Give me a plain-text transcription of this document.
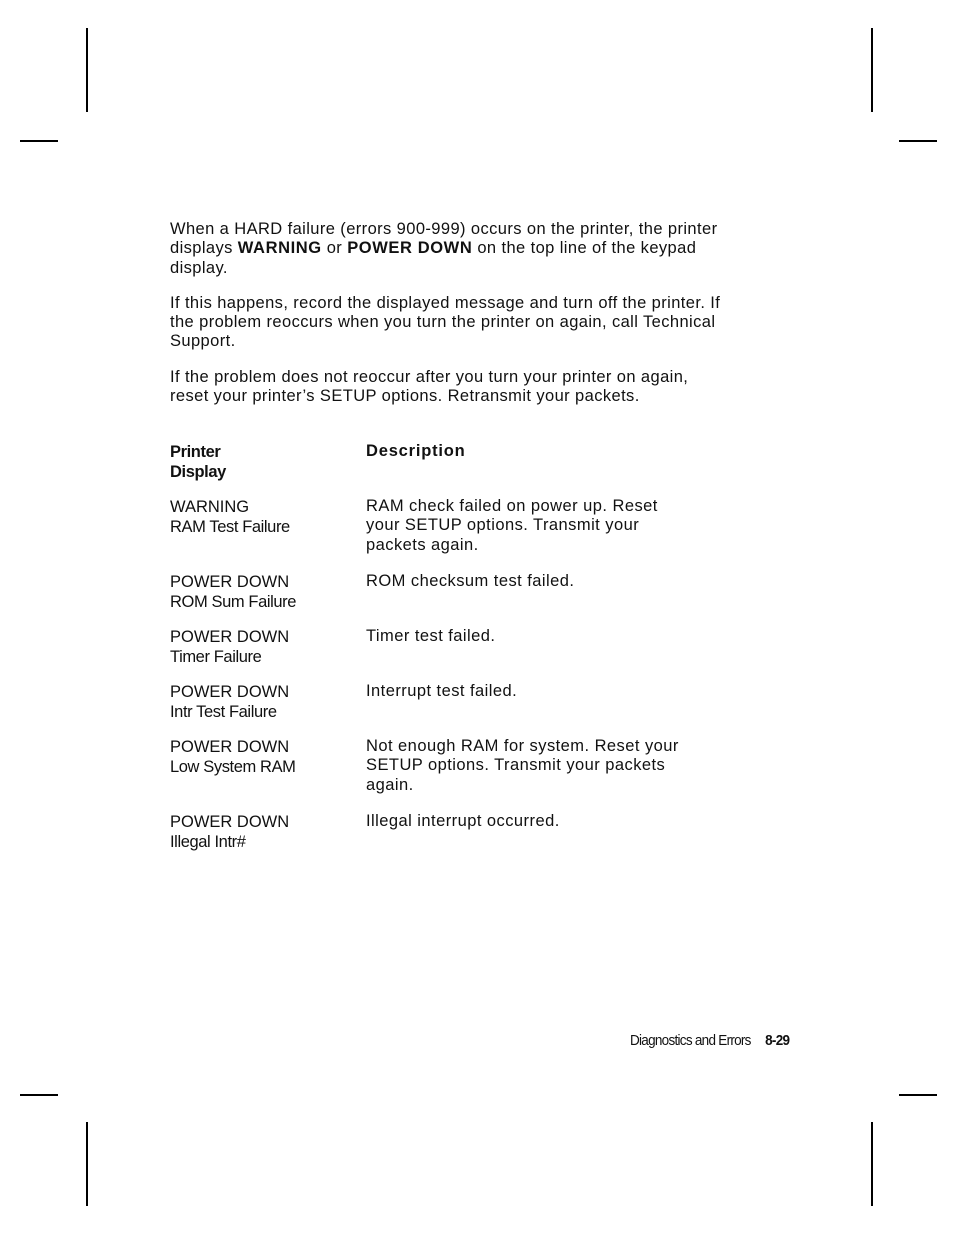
When a HARD failure (errors 900-999) occurs on the printer, the printer displays WARNING or POWER DOWN on the top line of the keypad display.

If this happens, record the displayed message and turn off the printer. If the problem reoccurs when you turn the printer on again, call Technical Support.

If the problem does not reoccur after you turn your printer on again, reset your printer’s SETUP options. Retransmit your packets.

Printer
Display
Description
WARNING
RAM Test Failure
RAM check failed on power up. Reset
your SETUP options. Transmit your
packets again.
POWER DOWN
ROM Sum Failure
ROM checksum test failed.
POWER DOWN
Timer Failure
Timer test failed.
POWER DOWN
Intr Test Failure
Interrupt test failed.
POWER DOWN
Low System RAM
Not enough RAM for system. Reset your
SETUP options. Transmit your packets
again.
POWER DOWN
Illegal Intr#
Illegal interrupt occurred.
Diagnostics and Errors 8-29
